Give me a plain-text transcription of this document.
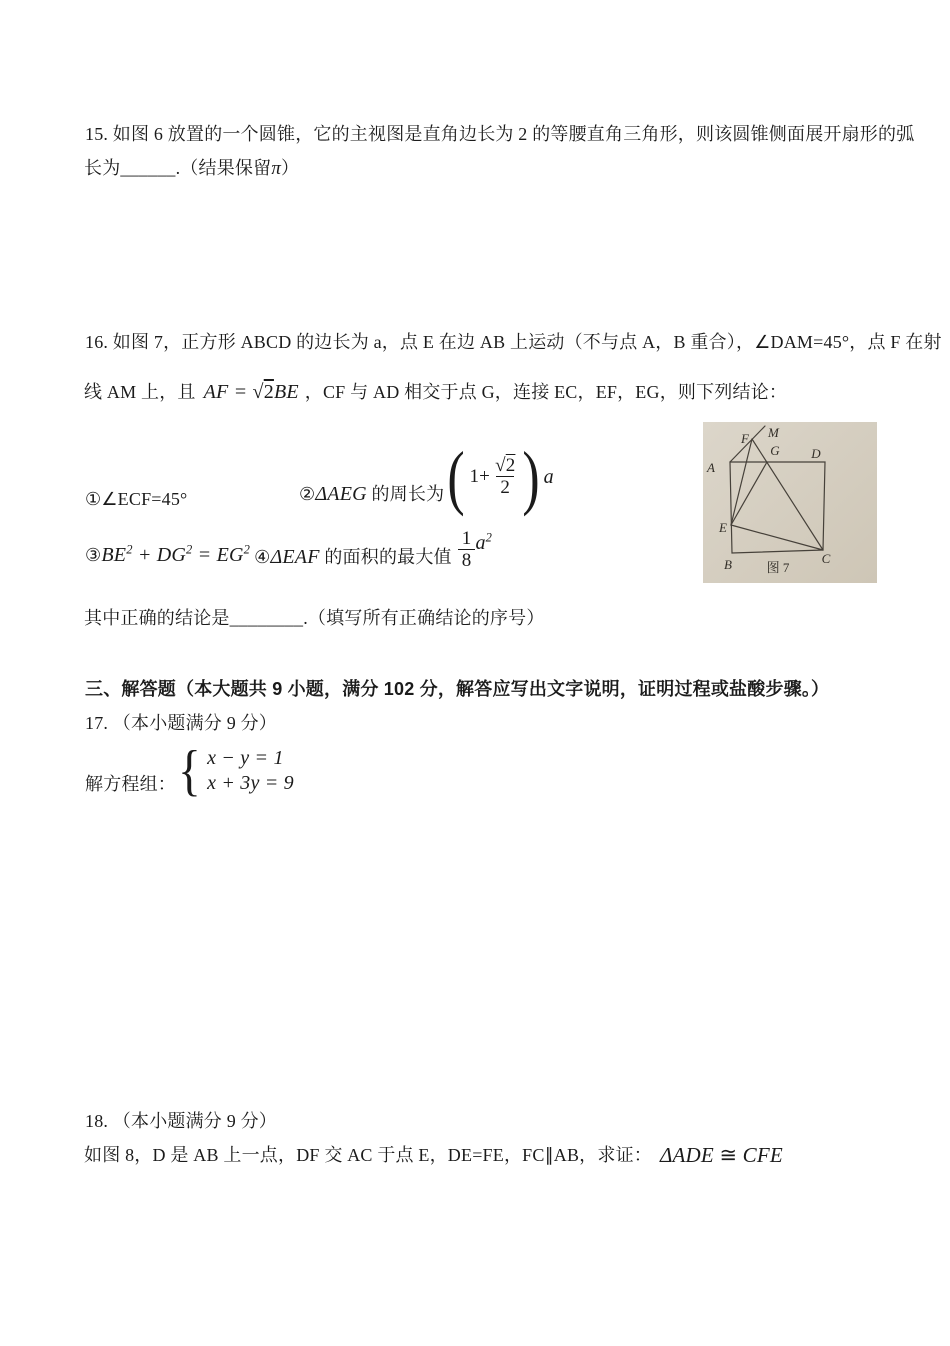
15. 如图 6 放置的一个圆锥，它的主视图是直角边长为 2 的等腰直角三角形，则该圆锥侧面展开扇形的弧
长为______.（结果保留π）
16. 如图 7，正方形 ABCD 的边长为 a，点 E 在边 AB 上运动（不与点 A，B 重合），∠DAM=45°，点 F 在射
线 AM 上，且 AF = √2BE ，CF 与 AD 相交于点 G，连接 EC，EF，EG，则下列结论：
①∠ECF=45°	②ΔAEG 的周长为 ( $1+ \frac{√2}{2}$ ) a
$③BE^2 + DG^2 = EG^2$ ④ΔEAF 的面积的最大值 $\frac{1}{8} a^2$
其中正确的结论是________.（填写所有正确结论的序号）
A
B	C
D
E
F
G
M
图 7
三、解答题（本大题共 9 小题，满分 102 分，解答应写出文字说明，证明过程或盐酸步骤。）
17. （本小题满分 9 分）
解方程组： { x − y = 1
x + 3y = 9
18. （本小题满分 9 分）
如图 8，D 是 AB 上一点，DF 交 AC 于点 E，DE=FE，FC∥AB，求证： ΔADE ≅ CFE
